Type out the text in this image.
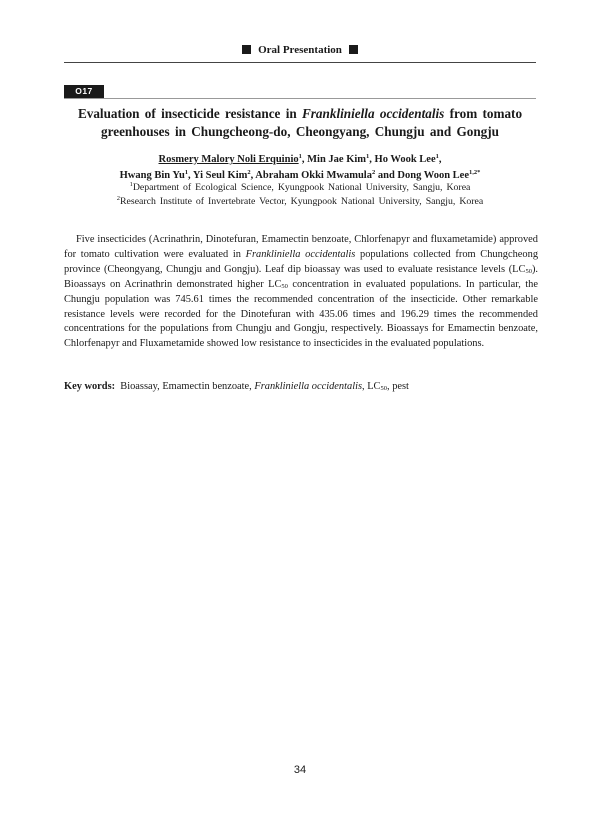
Oral Presentation
O17
Evaluation of insecticide resistance in Frankliniella occidentalis from tomato greenhouses in Chungcheong-do, Cheongyang, Chungju and Gongju
Rosmery Malory Noli Erquinio$^1$, Min Jae Kim$^1$, Ho Wook Lee$^1$,
Hwang Bin Yu$^1$, Yi Seul Kim$^2$, Abraham Okki Mwamula$^2$ and Dong Woon Lee$^{1,2*}$
$^1$Department of Ecological Science, Kyungpook National University, Sangju, Korea
$^2$Research Institute of Invertebrate Vector, Kyungpook National University, Sangju, Korea
Five insecticides (Acrinathrin, Dinotefuran, Emamectin benzoate, Chlorfenapyr and fluxametamide) approved for tomato cultivation were evaluated in Frankliniella occidentalis populations collected from Chungcheong province (Cheongyang, Chungju and Gongju). Leaf dip bioassay was used to evaluate resistance levels $(LC_{50})$. Bioassays on Acrinathrin demonstrated higher $LC_{50}$ concentration in evaluated populations. In particular, the Chungju population was 745.61 times the recommended concentration of the insecticide. Other remarkable resistance levels were recorded for the Dinotefuran with 435.06 times and 196.29 times the recommended concentrations for the populations from Chungju and Gongju, respectively. Bioassays for Emamectin benzoate, Chlorfenapyr and Fluxametamide showed low resistance to insecticides in the evaluated populations.
Key words: Bioassay, Emamectin benzoate, Frankliniella occidentalis, $LC_{50}$, pest
34
